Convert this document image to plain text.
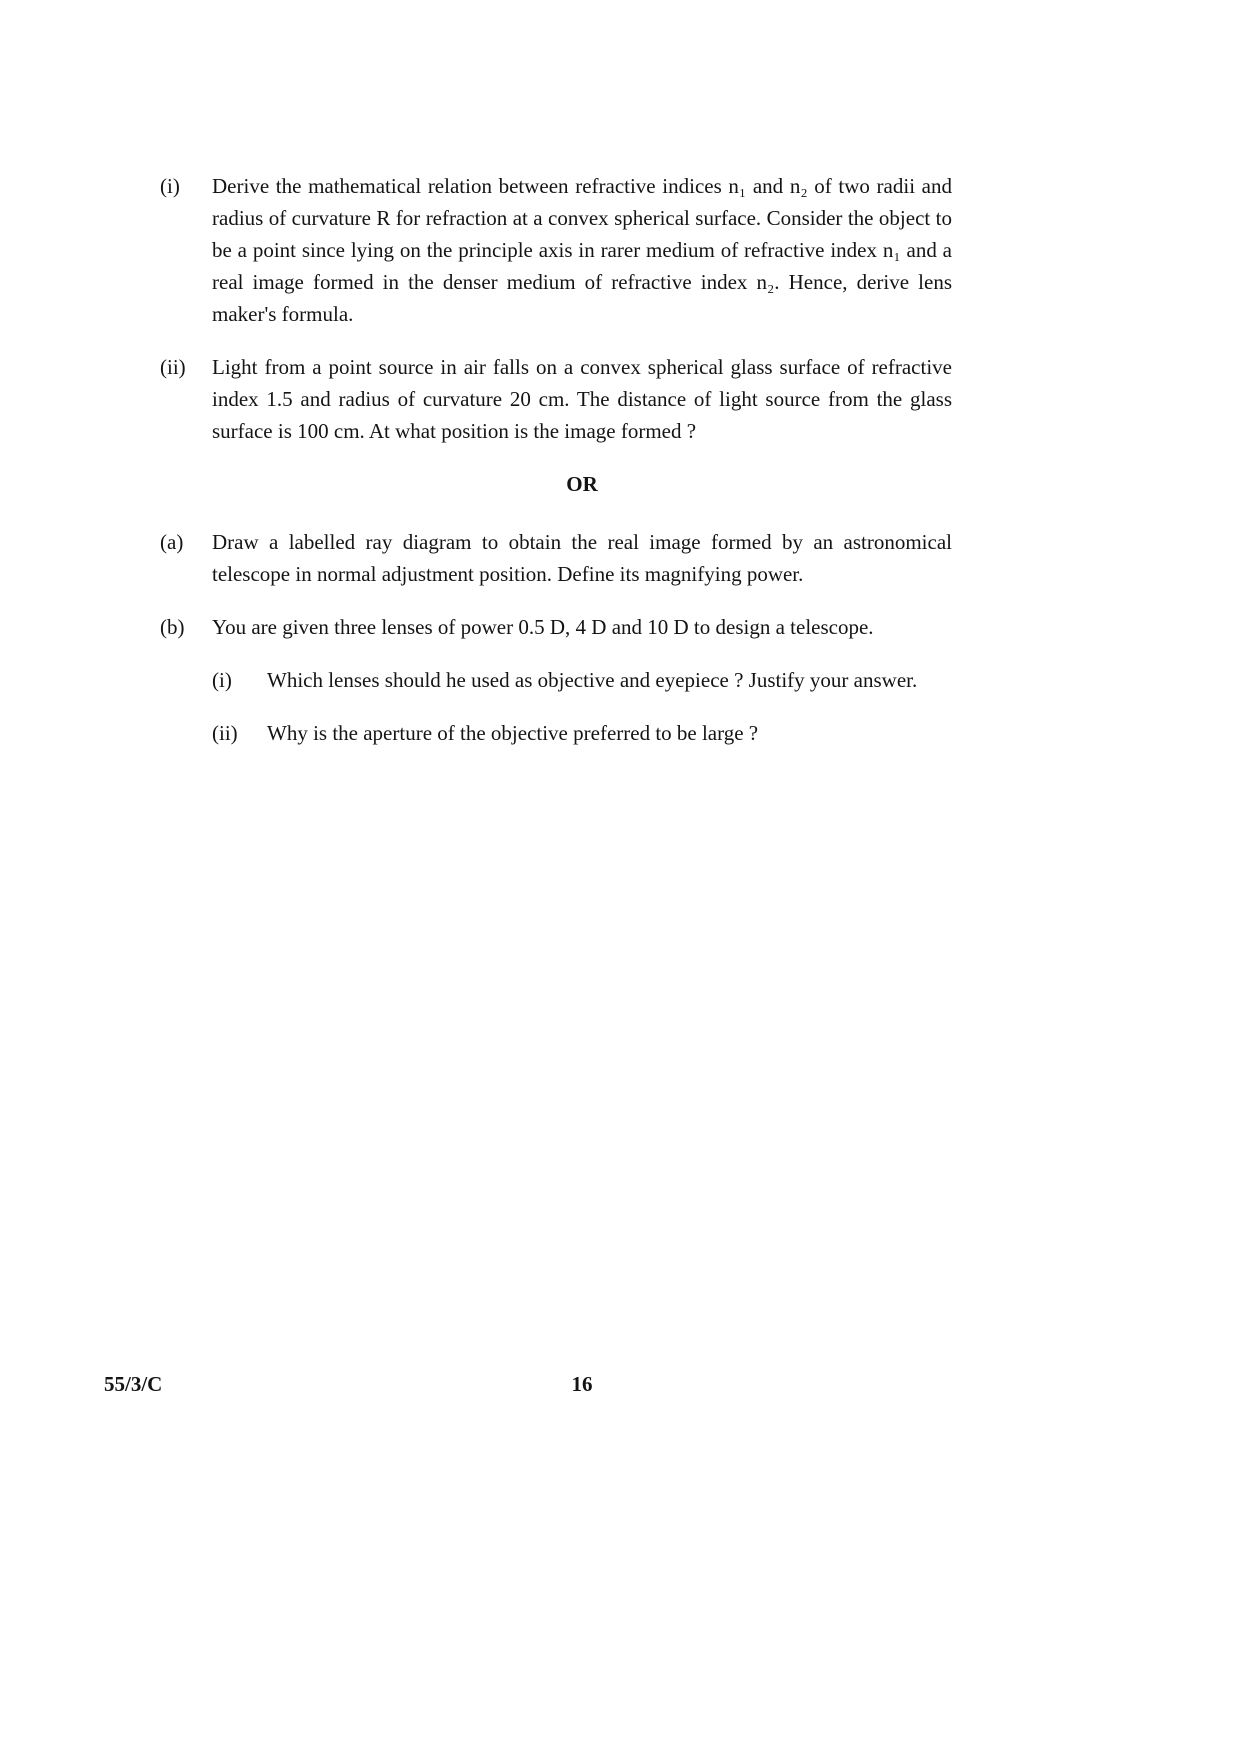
(i)	Derive the mathematical relation between refractive indices n₁ and n₂ of two radii and radius of curvature R for refraction at a convex spherical surface. Consider the object to be a point since lying on the principle axis in rarer medium of refractive index n₁ and a real image formed in the denser medium of refractive index n₂. Hence, derive lens maker's formula.
(ii)	Light from a point source in air falls on a convex spherical glass surface of refractive index 1.5 and radius of curvature 20 cm. The distance of light source from the glass surface is 100 cm. At what position is the image formed ?
OR
(a)	Draw a labelled ray diagram to obtain the real image formed by an astronomical telescope in normal adjustment position. Define its magnifying power.
(b)	You are given three lenses of power 0.5 D, 4 D and 10 D to design a telescope.
(i)	Which lenses should he used as objective and eyepiece ? Justify your answer.
(ii)	Why is the aperture of the objective preferred to be large ?
55/3/C	16
